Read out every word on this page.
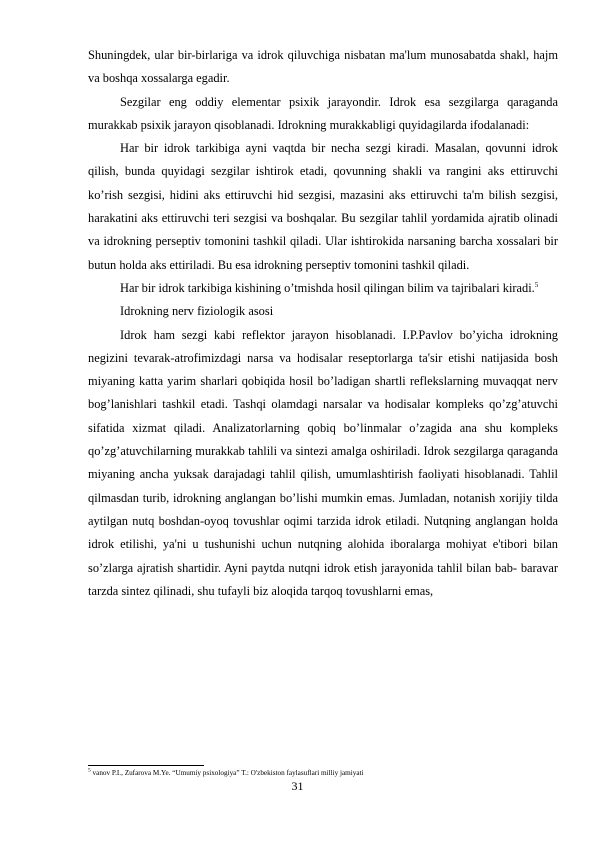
Shuningdek, ular bir-birlariga va idrok qiluvchiga nisbatan ma'lum munosabatda shakl, hajm va boshqa xossalarga egadir.

Sezgilar eng oddiy elementar psixik jarayondir. Idrok esa sezgilarga qaraganda murakkab psixik jarayon qisoblanadi. Idrokning murakkabligi quyidagilarda ifodalanadi:

Har bir idrok tarkibiga ayni vaqtda bir necha sezgi kiradi. Masalan, qovunni idrok qilish, bunda quyidagi sezgilar ishtirok etadi, qovunning shakli va rangini aks ettiruvchi ko’rish sezgisi, hidini aks ettiruvchi hid sezgisi, mazasini aks ettiruvchi ta'm bilish sezgisi, harakatini aks ettiruvchi teri sezgisi va boshqalar. Bu sezgilar tahlil yordamida ajratib olinadi va idrokning perseptiv tomonini tashkil qiladi. Ular ishtirokida narsaning barcha xossalari bir butun holda aks ettiriladi. Bu esa idrokning perseptiv tomonini tashkil qiladi.

Har bir idrok tarkibiga kishining o’tmishda hosil qilingan bilim va tajribalari kiradi.$^5$

Idrokning nerv fiziologik asosi

Idrok ham sezgi kabi reflektor jarayon hisoblanadi. I.P.Pavlov bo’yicha idrokning negizini tevarak-atrofimizdagi narsa va hodisalar reseptorlarga ta'sir etishi natijasida bosh miyaning katta yarim sharlari qobiqida hosil bo’ladigan shartli reflekslarning muvaqqat nerv bog’lanishlari tashkil etadi. Tashqi olamdagi narsalar va hodisalar kompleks qo’zg’atuvchi sifatida xizmat qiladi. Analizatorlarning qobiq bo’linmalar o’zagida ana shu kompleks qo’zg’atuvchilarning murakkab tahlili va sintezi amalga oshiriladi. Idrok sezgilarga qaraganda miyaning ancha yuksak darajadagi tahlil qilish, umumlashtirish faoliyati hisoblanadi. Tahlil qilmasdan turib, idrokning anglangan bo’lishi mumkin emas. Jumladan, notanish xorijiy tilda aytilgan nutq boshdan-oyoq tovushlar oqimi tarzida idrok etiladi. Nutqning anglangan holda idrok etilishi, ya'ni u tushunishi uchun nutqning alohida iboralarga mohiyat e'tibori bilan so’zlarga ajratish shartidir. Ayni paytda nutqni idrok etish jarayonida tahlil bilan bab- baravar tarzda sintez qilinadi, shu tufayli biz aloqida tarqoq tovushlarni emas,

$^5$ vanov P.I., Zufarova M.Ye. “Umumiy psixologiya” T.: O'zbekiston faylasuflari milliy jamiyati
31
